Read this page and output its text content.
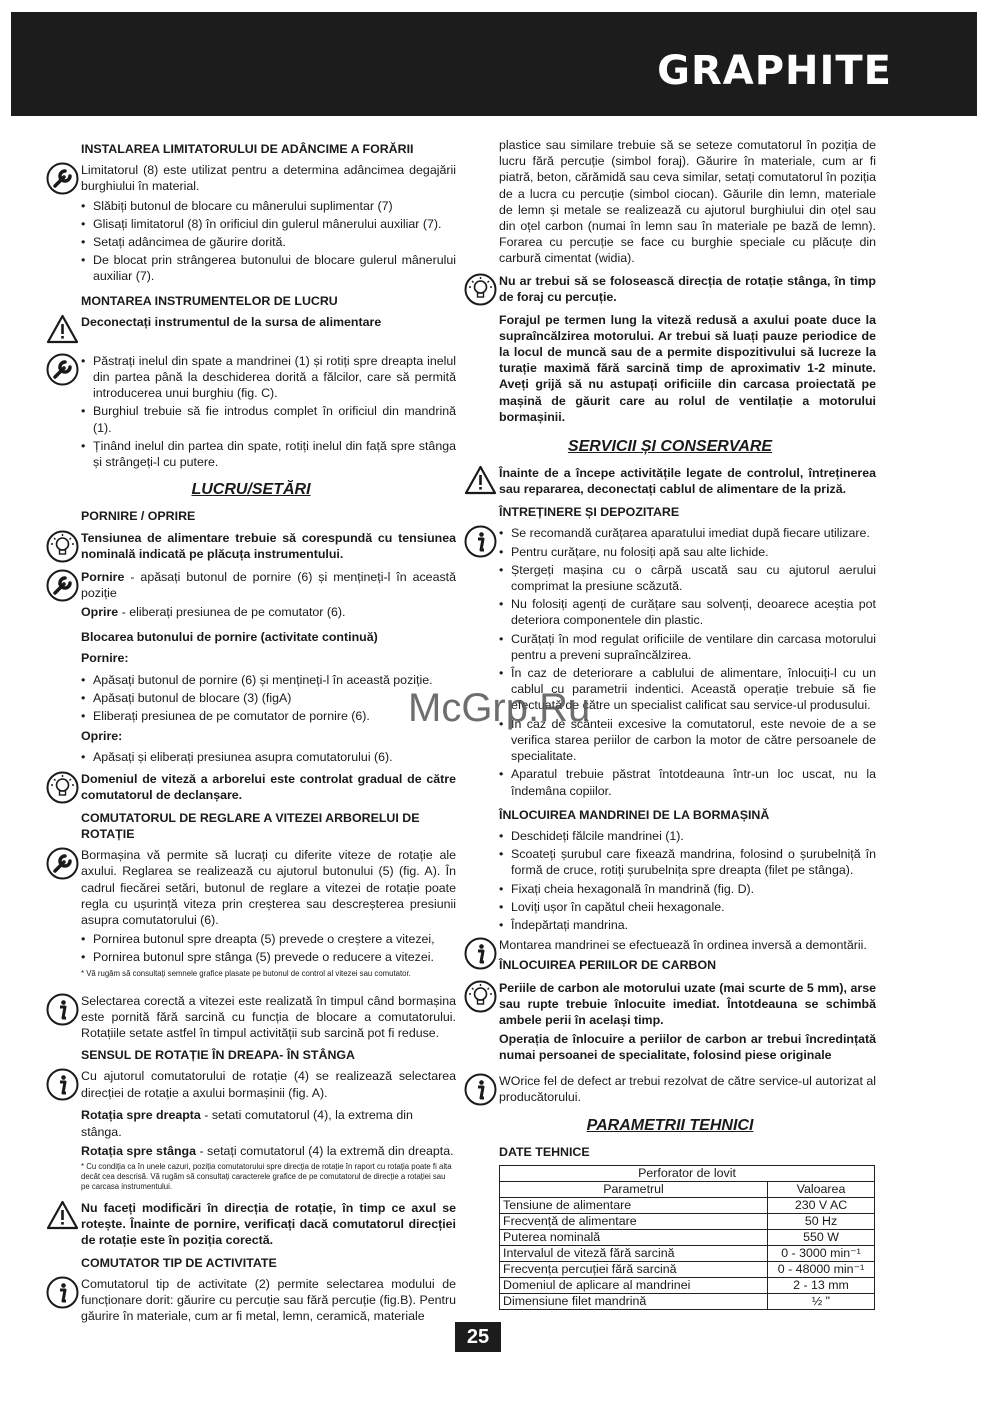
GRAPHITE
INSTALAREA LIMITATORULUI DE ADÂNCIME A FORĂRII

Limitatorul (8) este utilizat pentru a determina adâncimea degajării burghiului în material.

• Slăbiți butonul de blocare cu mânerului suplimentar (7)
• Glisați limitatorul (8) în orificiul din gulerul mânerului auxiliar (7).
• Setați adâncimea de găurire dorită.
• De blocat prin strângerea butonului de blocare gulerul mânerului auxiliar (7).
MONTAREA INSTRUMENTELOR DE LUCRU
Deconectați instrumentul de la sursa de alimentare
• Păstrați inelul din spate a mandrinei (1) și rotiți spre dreapta inelul din partea până la deschiderea dorită a fălcilor, care să permită introducerea unui burghiu (fig. C).
• Burghiul trebuie să fie introdus complet în orificiul din mandrină (1).
• Ținând inelul din partea din spate, rotiți inelul din față spre stânga și strângeți-l cu putere.
LUCRU/SETĂRI
PORNIRE / OPRIRE
Tensiunea de alimentare trebuie să corespundă cu tensiunea nominală indicată pe plăcuța instrumentului.

Pornire - apăsați butonul de pornire (6) și mențineți-l în această poziție

Oprire - eliberați presiunea de pe comutator (6).

Blocarea butonului de pornire (activitate continuă)
Pornire:
• Apăsați butonul de pornire (6) și mențineți-l în această poziție.
• Apăsați butonul de blocare (3) (figA)
• Eliberați presiunea de pe comutator de pornire (6).
Oprire:
• Apăsați și eliberați presiunea asupra comutatorului (6).
Domeniul de viteză a arborelui este controlat gradual de către comutatorul de declanșare.
COMUTATORUL DE REGLARE A VITEZEI ARBORELUI DE ROTAȚIE

Bormașina vă permite să lucrați cu diferite viteze de rotație ale axului. Reglarea se realizează cu ajutorul butonului (5) (fig. A). În cadrul fiecărei setări, butonul de reglare a vitezei de rotație poate regla cu ușurință viteza prin creșterea sau descreșterea presiunii asupra comutatorului (6).

• Pornirea butonul spre dreapta (5) prevede o creștere a vitezei,
• Pornirea butonul spre stânga (5) prevede o reducere a vitezei.
* Vă rugăm să consultați semnele grafice plasate pe butonul de control al vitezei sau comutator.
Selectarea corectă a vitezei este realizată în timpul când bormașina este pornită fără sarcină cu funcția de blocare a comutatorului. Rotațiile setate astfel în timpul activității sub sarcină pot fi reduse.
SENSUL DE ROTAȚIE ÎN DREAPA- ÎN STÂNGA
Cu ajutorul comutatorului de rotație (4) se realizează selectarea direcției de rotație a axului bormașinii (fig. A).

Rotația spre dreapta - setati comutatorul (4), la extrema din stânga.

Rotația spre stânga - setați comutatorul (4) la extremă din dreapta.

* Cu condiția ca în unele cazuri, poziția comutatorului spre direcția de rotație în raport cu rotația poate fi alta decât cea descrisă. Vă rugăm să consultați caracterele grafice de pe comutatorul de direcție a rotației sau pe carcasa instrumentului.
Nu faceți modificări în direcția de rotație, în timp ce axul se rotește. Înainte de pornire, verificați dacă comutatorul direcției de rotație este în poziția corectă.
COMUTATOR TIP DE ACTIVITATE
Comutatorul tip de activitate (2) permite selectarea modului de funcționare dorit: găurire cu percuție sau fără percuție (fig.B). Pentru găurire în materiale, cum ar fi metal, lemn, ceramică, materiale
plastice sau similare trebuie să se seteze comutatorul în poziția de lucru fără percuție (simbol foraj). Găurire în materiale, cum ar fi piatră, beton, cărămidă sau ceva similar, setați comutatorul în poziția de a lucra cu percuție (simbol ciocan). Găurile din lemn, materiale de lemn și metale se realizează cu ajutorul burghiului din oțel sau din oțel carbon (numai în lemn sau în materiale pe bază de lemn). Forarea cu percuție se face cu burghie speciale cu plăcuțe din carbură cimentat (widia).
Nu ar trebui să se folosească direcția de rotație stânga, în timp de foraj cu percuție.
Forajul pe termen lung la viteză redusă a axului poate duce la supraîncălzirea motorului. Ar trebui să luați pauze periodice de la locul de muncă sau de a permite dispozitivului să lucreze la turație maximă fără sarcină timp de aproximativ 1-2 minute. Aveți grijă să nu astupați orificiile din carcasa proiectată pe mașină de găurit care au rolul de ventilație a motorului bormașinii.
SERVICII ȘI CONSERVARE
Înainte de a începe activitățile legate de controlul, întreținerea sau repararea, deconectați cablul de alimentare de la priză.
ÎNTREȚINERE ȘI DEPOZITARE
• Se recomandă curățarea aparatului imediat după fiecare utilizare.
• Pentru curățare, nu folosiți apă sau alte lichide.
• Ștergeți mașina cu o cârpă uscată sau cu ajutorul aerului comprimat la presiune scăzută.
• Nu folosiți agenți de curățare sau solvenți, deoarece aceștia pot deteriora componentele din plastic.
• Curățați în mod regulat orificiile de ventilare din carcasa motorului pentru a preveni supraîncălzirea.
• În caz de deteriorare a cablului de alimentare, înlocuiți-l cu un cablul cu parametrii indentici. Această operație trebuie să fie efectuată de către un specialist calificat sau service-ul produsului.
• În caz de scânteii excesive la comutatorul, este nevoie de a se verifica starea periilor de carbon la motor de către persoanele de specialitate.
• Aparatul trebuie păstrat întotdeauna într-un loc uscat, nu la îndemâna copiilor.
ÎNLOCUIREA MANDRINEI DE LA BORMAȘINĂ
• Deschideți fălcile mandrinei (1).
• Scoateți șurubul care fixează mandrina, folosind o șurubelniță în formă de cruce, rotiți șurubelnița spre dreapta (filet pe stânga).
• Fixați cheia hexagonală în mandrină (fig. D).
• Loviți ușor în capătul cheii hexagonale.
• Îndepărtați mandrina.

Montarea mandrinei se efectuează în ordinea inversă a demontării.

ÎNLOCUIREA PERIILOR DE CARBON

Periile de carbon ale motorului uzate (mai scurte de 5 mm), arse sau rupte trebuie înlocuite imediat. Întotdeauna se schimbă ambele perii în același timp.

Operația de înlocuire a periilor de carbon ar trebui încredințată numai persoanei de specialitate, folosind piese originale

WOrice fel de defect ar trebui rezolvat de către service-ul autorizat al producătorului.
PARAMETRII TEHNICI
DATE TEHNICE
Perforator de lovit	
Parametrul	Valoarea
Tensiune de alimentare	230 V AC
Frecvență de alimentare	50 Hz
Puterea nominală	550 W
Intervalul de viteză fără sarcină	0 - 3000 min⁻¹
Frecvența percuției fără sarcină	0 - 48000 min⁻¹
Domeniul de aplicare al mandrinei	2 - 13 mm
Dimensiune filet mandrină	½ "
McGrp.Ru
25
